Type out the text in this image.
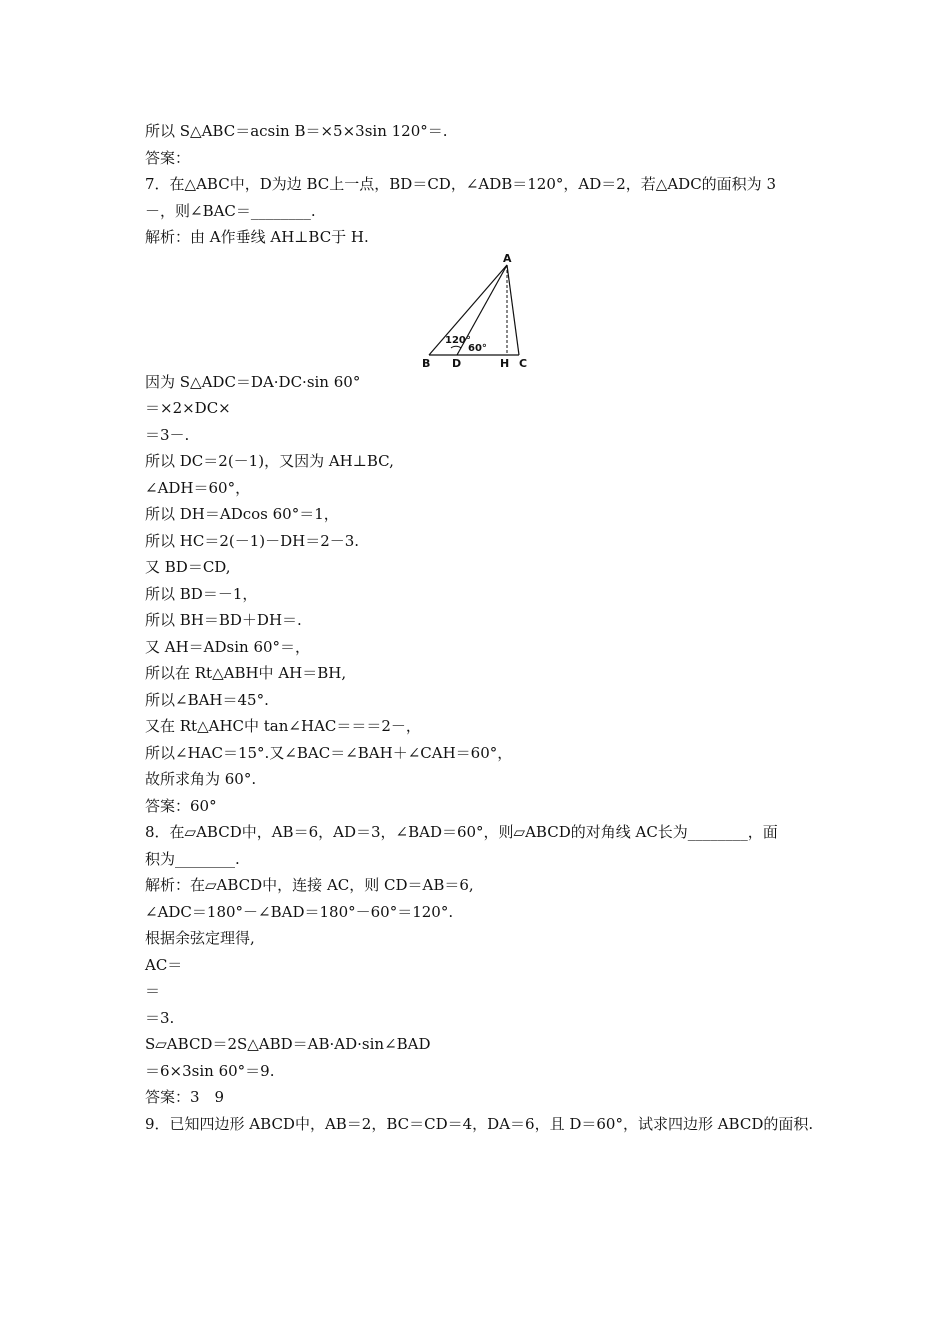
所以 S△ABC＝acsin B＝×5×3sin 120°＝.
答案：
7．在△ABC中，D为边 BC上一点，BD＝CD，∠ADB＝120°，AD＝2，若△ADC的面积为 3
－，则∠BAC＝________.
解析：由 A作垂线 AH⊥BC于 H.
A
B D	H C
120°
60°
因为 S△ADC＝DA·DC·sin 60°
＝×2×DC×
＝3－.
所以 DC＝2(－1)，又因为 AH⊥BC,
∠ADH＝60°，
所以 DH＝ADcos 60°＝1，
所以 HC＝2(－1)－DH＝2－3.
又 BD＝CD,
所以 BD＝－1，
所以 BH＝BD＋DH＝.
又 AH＝ADsin 60°＝，
所以在 Rt△ABH中 AH＝BH,
所以∠BAH＝45°.
又在 Rt△AHC中 tan∠HAC＝＝＝2－，
所以∠HAC＝15°.又∠BAC＝∠BAH＋∠CAH＝60°，
故所求角为 60°.
答案：60°
8．在▱ABCD中，AB＝6，AD＝3，∠BAD＝60°，则▱ABCD的对角线 AC长为________，面
积为________.
解析：在▱ABCD中，连接 AC，则 CD＝AB＝6,
∠ADC＝180°－∠BAD＝180°－60°＝120°.
根据余弦定理得,
AC＝
＝
＝3.
S▱ABCD＝2S△ABD＝AB·AD·sin∠BAD
＝6×3sin 60°＝9.
答案：3　9
9．已知四边形 ABCD中，AB＝2，BC＝CD＝4，DA＝6，且 D＝60°，试求四边形 ABCD的面积.
